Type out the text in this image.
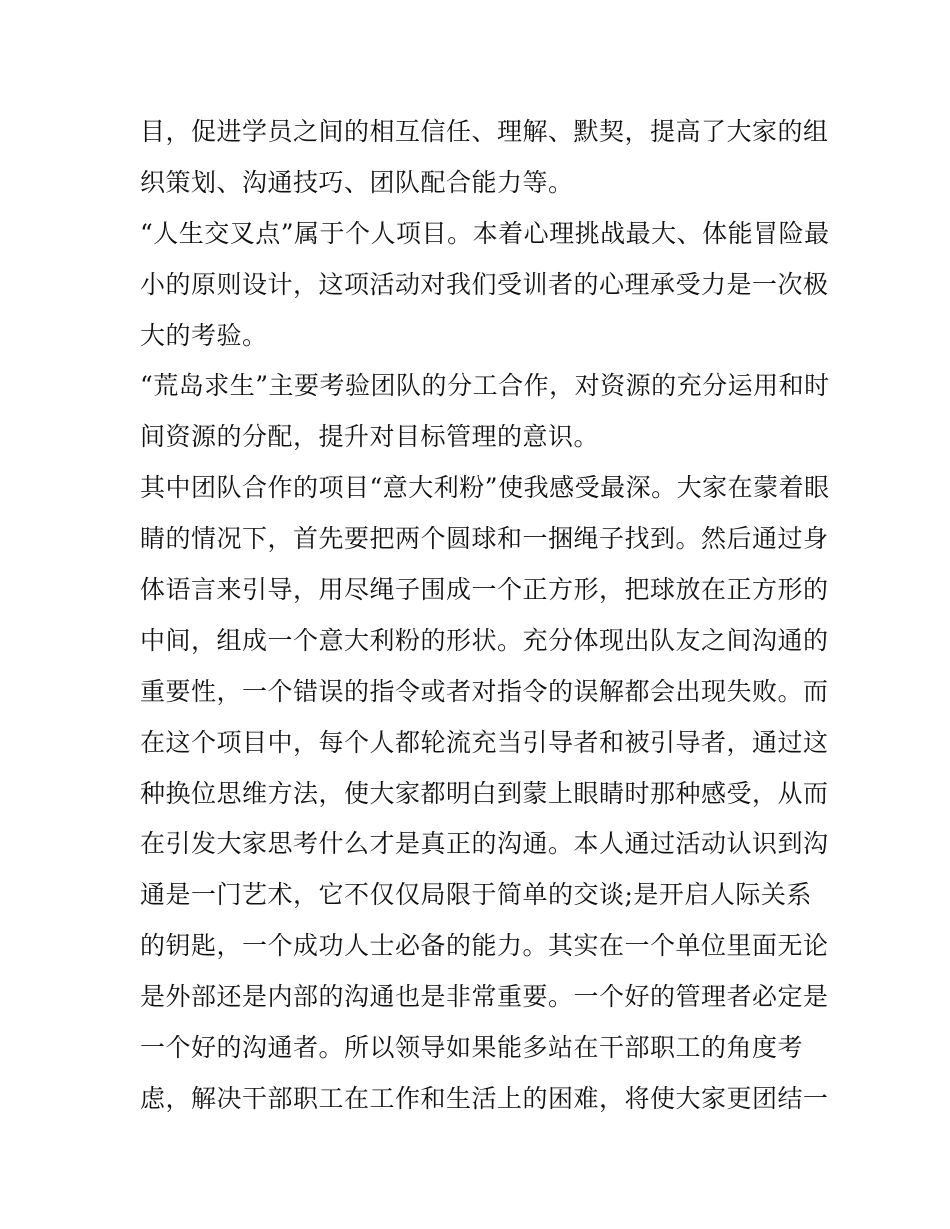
目，促进学员之间的相互信任、理解、默契，提高了大家的组
织策划、沟通技巧、团队配合能力等。
“人生交叉点”属于个人项目。本着心理挑战最大、体能冒险最
小的原则设计，这项活动对我们受训者的心理承受力是一次极
大的考验。
“荒岛求生”主要考验团队的分工合作，对资源的充分运用和时
间资源的分配，提升对目标管理的意识。
其中团队合作的项目“意大利粉”使我感受最深。大家在蒙着眼
睛的情况下，首先要把两个圆球和一捆绳子找到。然后通过身
体语言来引导，用尽绳子围成一个正方形，把球放在正方形的
中间，组成一个意大利粉的形状。充分体现出队友之间沟通的
重要性，一个错误的指令或者对指令的误解都会出现失败。而
在这个项目中，每个人都轮流充当引导者和被引导者，通过这
种换位思维方法，使大家都明白到蒙上眼睛时那种感受，从而
在引发大家思考什么才是真正的沟通。本人通过活动认识到沟
通是一门艺术，它不仅仅局限于简单的交谈;是开启人际关系
的钥匙，一个成功人士必备的能力。其实在一个单位里面无论
是外部还是内部的沟通也是非常重要。一个好的管理者必定是
一个好的沟通者。所以领导如果能多站在干部职工的角度考
虑，解决干部职工在工作和生活上的困难，将使大家更团结一
